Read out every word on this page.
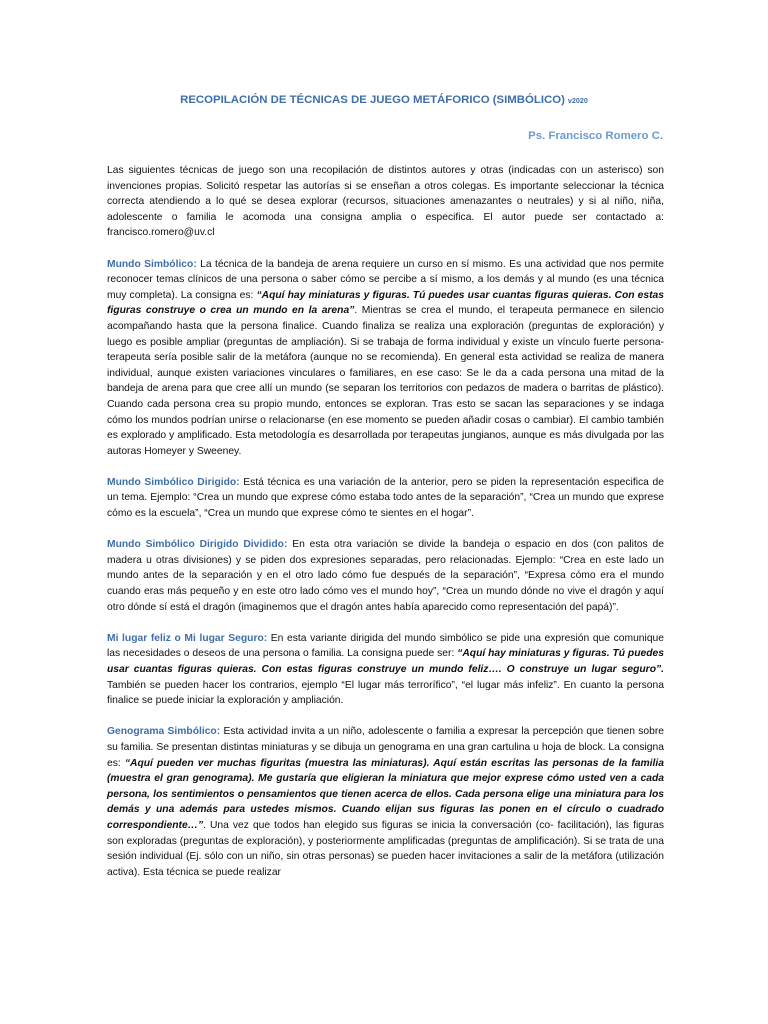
RECOPILACIÓN DE TÉCNICAS DE JUEGO METÁFORICO (SIMBÓLICO) v2020
Ps. Francisco Romero C.

Las siguientes técnicas de juego son una recopilación de distintos autores y otras (indicadas con un asterisco) son invenciones propias. Solicitó respetar las autorías si se enseñan a otros colegas. Es importante seleccionar la técnica correcta atendiendo a lo qué se desea explorar (recursos, situaciones amenazantes o neutrales) y si al niño, niña, adolescente o familia le acomoda una consigna amplia o especifica. El autor puede ser contactado a: francisco.romero@uv.cl

Mundo Simbólico: La técnica de la bandeja de arena requiere un curso en sí mismo. Es una actividad que nos permite reconocer temas clínicos de una persona o saber cómo se percibe a sí mismo, a los demás y al mundo (es una técnica muy completa). La consigna es: “Aquí hay miniaturas y figuras. Tú puedes usar cuantas figuras quieras. Con estas figuras construye o crea un mundo en la arena”. Mientras se crea el mundo, el terapeuta permanece en silencio acompañando hasta que la persona finalice. Cuando finaliza se realiza una exploración (preguntas de exploración) y luego es posible ampliar (preguntas de ampliación). Si se trabaja de forma individual y existe un vínculo fuerte persona-terapeuta sería posible salir de la metáfora (aunque no se recomienda). En general esta actividad se realiza de manera individual, aunque existen variaciones vinculares o familiares, en ese caso: Se le da a cada persona una mitad de la bandeja de arena para que cree allí un mundo (se separan los territorios con pedazos de madera o barritas de plástico). Cuando cada persona crea su propio mundo, entonces se exploran. Tras esto se sacan las separaciones y se indaga cómo los mundos podrían unirse o relacionarse (en ese momento se pueden añadir cosas o cambiar). El cambio también es explorado y amplificado. Esta metodología es desarrollada por terapeutas jungianos, aunque es más divulgada por las autoras Homeyer y Sweeney.

Mundo Simbólico Dirigido: Está técnica es una variación de la anterior, pero se piden la representación especifica de un tema. Ejemplo: “Crea un mundo que exprese cómo estaba todo antes de la separación”, “Crea un mundo que exprese cómo es la escuela”, “Crea un mundo que exprese cómo te sientes en el hogar”.

Mundo Simbólico Dirigido Dividido: En esta otra variación se divide la bandeja o espacio en dos (con palitos de madera u otras divisiones) y se piden dos expresiones separadas, pero relacionadas. Ejemplo: “Crea en este lado un mundo antes de la separación y en el otro lado cómo fue después de la separación”, “Expresa cómo era el mundo cuando eras más pequeño y en este otro lado cómo ves el mundo hoy”, “Crea un mundo dónde no vive el dragón y aquí otro dónde sí está el dragón (imaginemos que el dragón antes había aparecido como representación del papá)”.

Mi lugar feliz o Mi lugar Seguro: En esta variante dirigida del mundo simbólico se pide una expresión que comunique las necesidades o deseos de una persona o familia. La consigna puede ser: “Aquí hay miniaturas y figuras. Tú puedes usar cuantas figuras quieras. Con estas figuras construye un mundo feliz…. O construye un lugar seguro”. También se pueden hacer los contrarios, ejemplo “El lugar más terrorífico”, “el lugar más infeliz”. En cuanto la persona finalice se puede iniciar la exploración y ampliación.

Genograma Simbólico: Esta actividad invita a un niño, adolescente o familia a expresar la percepción que tienen sobre su familia. Se presentan distintas miniaturas y se dibuja un genograma en una gran cartulina u hoja de block. La consigna es: “Aquí pueden ver muchas figuritas (muestra las miniaturas). Aquí están escritas las personas de la familia (muestra el gran genograma). Me gustaría que eligieran la miniatura que mejor exprese cómo usted ven a cada persona, los sentimientos o pensamientos que tienen acerca de ellos. Cada persona elige una miniatura para los demás y una además para ustedes mismos. Cuando elijan sus figuras las ponen en el círculo o cuadrado correspondiente…”. Una vez que todos han elegido sus figuras se inicia la conversación (co- facilitación), las figuras son exploradas (preguntas de exploración), y posteriormente amplificadas (preguntas de amplificación). Si se trata de una sesión individual (Ej. sólo con un niño, sin otras personas) se pueden hacer invitaciones a salir de la metáfora (utilización activa). Esta técnica se puede realizar
